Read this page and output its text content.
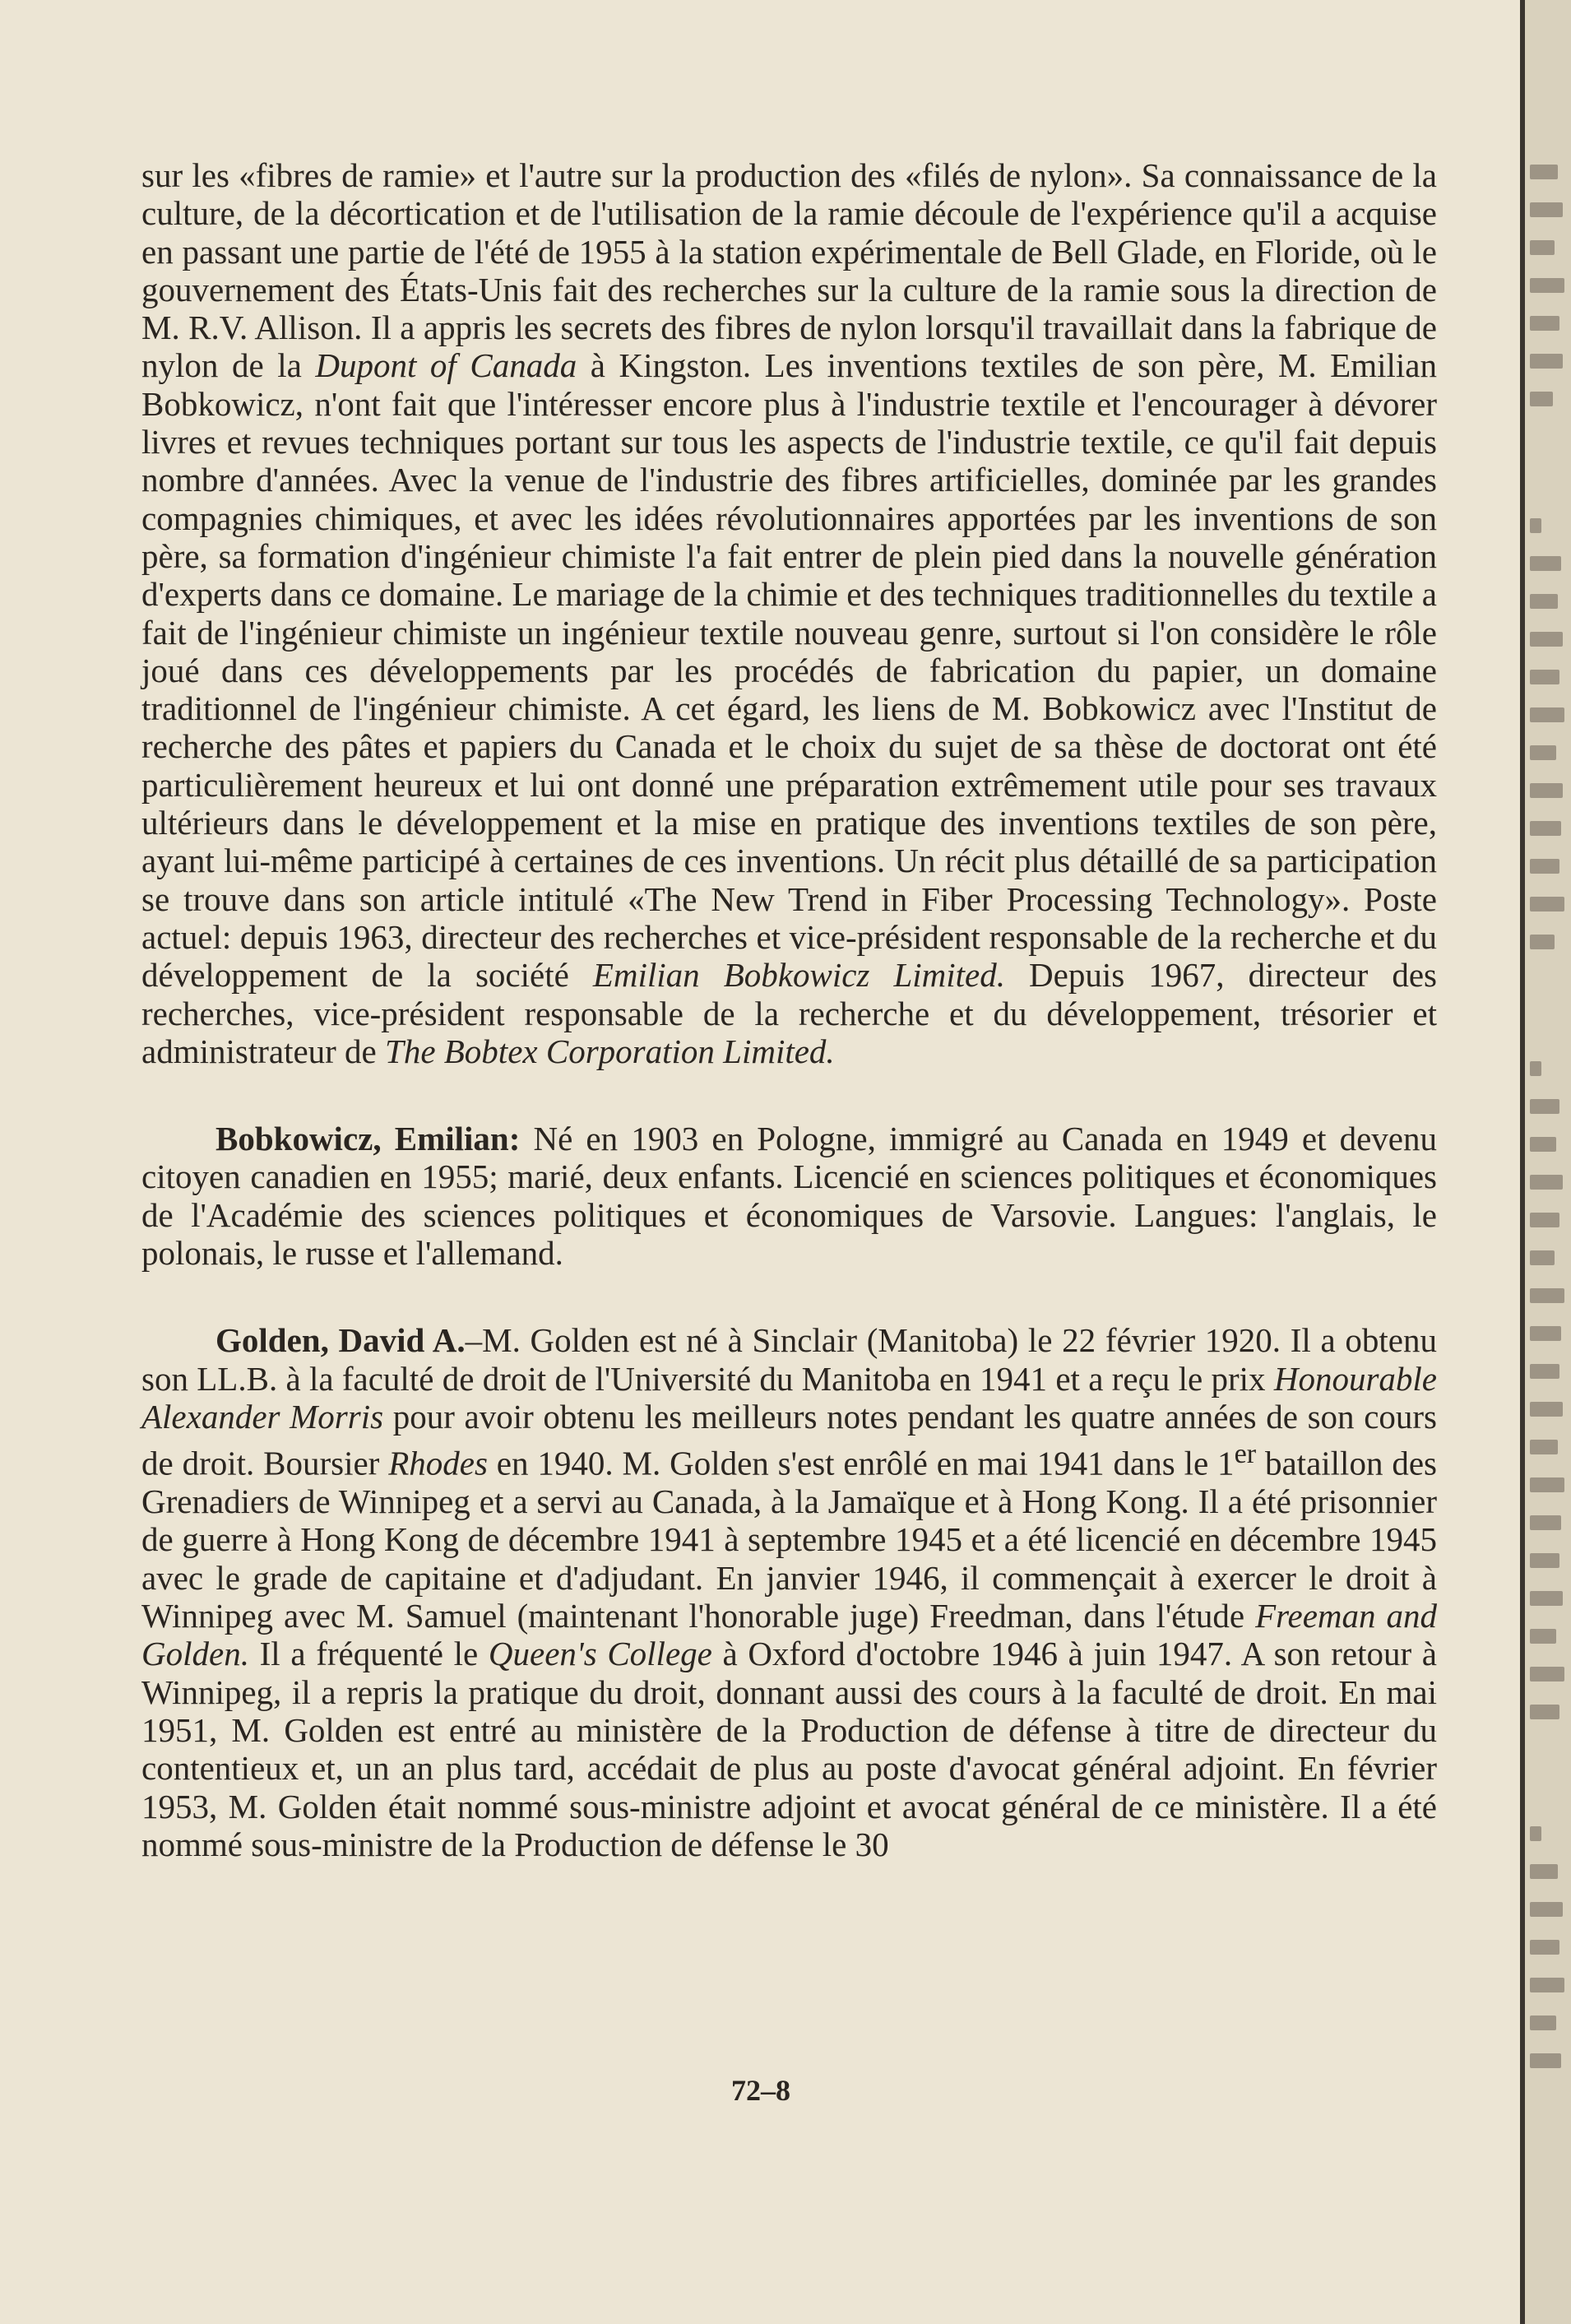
sur les «fibres de ramie» et l'autre sur la production des «filés de nylon». Sa connaissance de la culture, de la décortication et de l'utilisation de la ramie découle de l'expérience qu'il a acquise en passant une partie de l'été de 1955 à la station expérimentale de Bell Glade, en Floride, où le gouvernement des États-Unis fait des recherches sur la culture de la ramie sous la direction de M. R.V. Allison. Il a appris les secrets des fibres de nylon lorsqu'il travaillait dans la fabrique de nylon de la Dupont of Canada à Kingston. Les inventions textiles de son père, M. Emilian Bobkowicz, n'ont fait que l'intéresser encore plus à l'industrie textile et l'encourager à dévorer livres et revues techniques portant sur tous les aspects de l'industrie textile, ce qu'il fait depuis nombre d'années. Avec la venue de l'industrie des fibres artificielles, dominée par les grandes compagnies chimiques, et avec les idées révolutionnaires apportées par les inventions de son père, sa formation d'ingénieur chimiste l'a fait entrer de plein pied dans la nouvelle génération d'experts dans ce domaine. Le mariage de la chimie et des techniques traditionnelles du textile a fait de l'ingénieur chimiste un ingénieur textile nouveau genre, surtout si l'on considère le rôle joué dans ces développements par les procédés de fabrication du papier, un domaine traditionnel de l'ingénieur chimiste. A cet égard, les liens de M. Bobkowicz avec l'Institut de recherche des pâtes et papiers du Canada et le choix du sujet de sa thèse de doctorat ont été particulièrement heureux et lui ont donné une préparation extrêmement utile pour ses travaux ultérieurs dans le développement et la mise en pratique des inventions textiles de son père, ayant lui-même participé à certaines de ces inventions. Un récit plus détaillé de sa participation se trouve dans son article intitulé «The New Trend in Fiber Processing Technology». Poste actuel: depuis 1963, directeur des recherches et vice-président responsable de la recherche et du développement de la société Emilian Bobkowicz Limited. Depuis 1967, directeur des recherches, vice-président responsable de la recherche et du développement, trésorier et administrateur de The Bobtex Corporation Limited.

Bobkowicz, Emilian: Né en 1903 en Pologne, immigré au Canada en 1949 et devenu citoyen canadien en 1955; marié, deux enfants. Licencié en sciences politiques et économiques de l'Académie des sciences politiques et économiques de Varsovie. Langues: l'anglais, le polonais, le russe et l'allemand.

Golden, David A.–M. Golden est né à Sinclair (Manitoba) le 22 février 1920. Il a obtenu son LL.B. à la faculté de droit de l'Université du Manitoba en 1941 et a reçu le prix Honourable Alexander Morris pour avoir obtenu les meilleurs notes pendant les quatre années de son cours de droit. Boursier Rhodes en 1940. M. Golden s'est enrôlé en mai 1941 dans le 1er bataillon des Grenadiers de Winnipeg et a servi au Canada, à la Jamaïque et à Hong Kong. Il a été prisonnier de guerre à Hong Kong de décembre 1941 à septembre 1945 et a été licencié en décembre 1945 avec le grade de capitaine et d'adjudant. En janvier 1946, il commençait à exercer le droit à Winnipeg avec M. Samuel (maintenant l'honorable juge) Freedman, dans l'étude Freeman and Golden. Il a fréquenté le Queen's College à Oxford d'octobre 1946 à juin 1947. A son retour à Winnipeg, il a repris la pratique du droit, donnant aussi des cours à la faculté de droit. En mai 1951, M. Golden est entré au ministère de la Production de défense à titre de directeur du contentieux et, un an plus tard, accédait de plus au poste d'avocat général adjoint. En février 1953, M. Golden était nommé sous-ministre adjoint et avocat général de ce ministère. Il a été nommé sous-ministre de la Production de défense le 30

72–8
